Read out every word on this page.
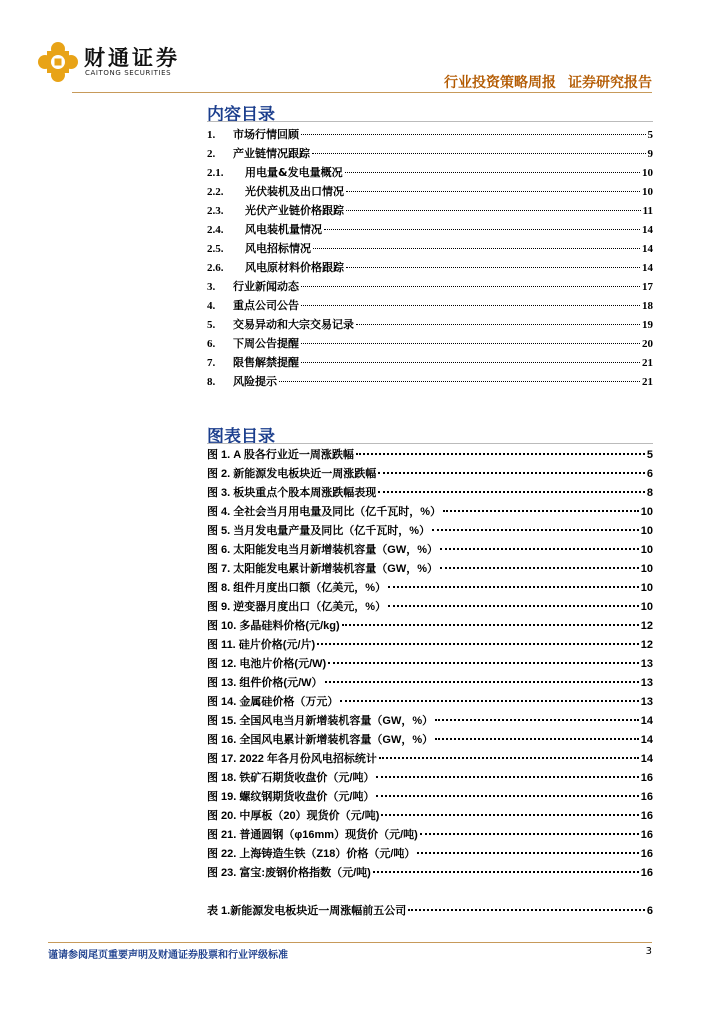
财通证券
CAITONG SECURITIES
行业投资策略周报 证券研究报告
内容目录
1.	市场行情回顾	5
2.	产业链情况跟踪	9
2.1.	用电量&发电量概况	10
2.2.	光伏装机及出口情况	10
2.3.	光伏产业链价格跟踪	11
2.4.	风电装机量情况	14
2.5.	风电招标情况	14
2.6.	风电原材料价格跟踪	14
3.	行业新闻动态	17
4.	重点公司公告	18
5.	交易异动和大宗交易记录	19
6.	下周公告提醒	20
7.	限售解禁提醒	21
8.	风险提示	21
图表目录
图 1. A 股各行业近一周涨跌幅	5
图 2. 新能源发电板块近一周涨跌幅	6
图 3. 板块重点个股本周涨跌幅表现	8
图 4. 全社会当月用电量及同比（亿千瓦时，%）	10
图 5. 当月发电量产量及同比（亿千瓦时，%）	10
图 6. 太阳能发电当月新增装机容量（GW，%）	10
图 7. 太阳能发电累计新增装机容量（GW，%）	10
图 8. 组件月度出口额（亿美元，%）	10
图 9. 逆变器月度出口（亿美元，%）	10
图 10. 多晶硅料价格(元/kg)	12
图 11. 硅片价格(元/片)	12
图 12. 电池片价格(元/W)	13
图 13. 组件价格(元/W）	13
图 14. 金属硅价格（万元）	13
图 15. 全国风电当月新增装机容量（GW，%）	14
图 16. 全国风电累计新增装机容量（GW，%）	14
图 17. 2022 年各月份风电招标统计	14
图 18. 铁矿石期货收盘价（元/吨）	16
图 19. 螺纹钢期货收盘价（元/吨）	16
图 20. 中厚板（20）现货价（元/吨)	16
图 21. 普通圆钢（φ16mm）现货价（元/吨)	16
图 22. 上海铸造生铁（Z18）价格（元/吨）	16
图 23. 富宝:废钢价格指数（元/吨)	16
表 1.新能源发电板块近一周涨幅前五公司	6
谨请参阅尾页重要声明及财通证券股票和行业评级标准	3
